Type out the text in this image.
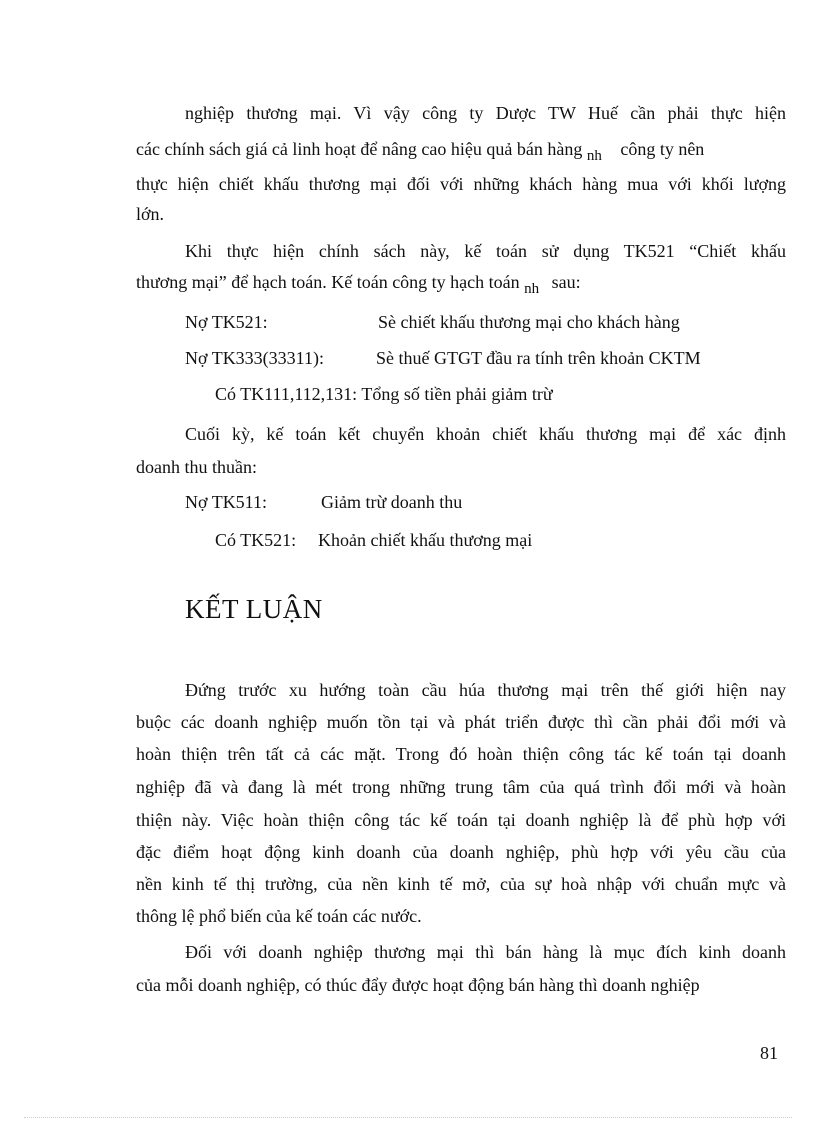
nghiệp thương mại. Vì vậy công ty Dược TW Huế cần phải thực hiện
các chính sách giá cả linh hoạt để nâng cao hiệu quả bán hàng $_{nh}$ công ty nên
thực hiện chiết khấu thương mại đối với những khách hàng mua với khối lượng
lớn.
Khi thực hiện chính sách này, kế toán sử dụng TK521 “Chiết khấu
thương mại” để hạch toán. Kế toán công ty hạch toán $_{nh}$ sau:
Nợ TK521:	Sè chiết khấu thương mại cho khách hàng
Nợ TK333(33311):	Sè thuế GTGT đầu ra tính trên khoản CKTM
Có TK111,112,131: Tổng số tiền phải giảm trừ
Cuối kỳ, kế toán kết chuyển khoản chiết khấu thương mại để xác định
doanh thu thuần:
Nợ TK511:	Giảm trừ doanh thu
Có TK521: Khoản chiết khấu thương mại
KẾT LUẬN
Đứng trước xu hướng toàn cầu húa thương mại trên thế giới hiện nay
buộc các doanh nghiệp muốn tồn tại và phát triển được thì cần phải đổi mới và
hoàn thiện trên tất cả các mặt. Trong đó hoàn thiện công tác kế toán tại doanh
nghiệp đã và đang là mét trong những trung tâm của quá trình đổi mới và hoàn
thiện này. Việc hoàn thiện công tác kế toán tại doanh nghiệp là để phù hợp với
đặc điểm hoạt động kinh doanh của doanh nghiệp, phù hợp với yêu cầu của
nền kinh tế thị trường, của nền kinh tế mở, của sự hoà nhập với chuẩn mực và
thông lệ phổ biến của kế toán các nước.
Đối với doanh nghiệp thương mại thì bán hàng là mục đích kinh doanh
của mỗi doanh nghiệp, có thúc đẩy được hoạt động bán hàng thì doanh nghiệp
81
